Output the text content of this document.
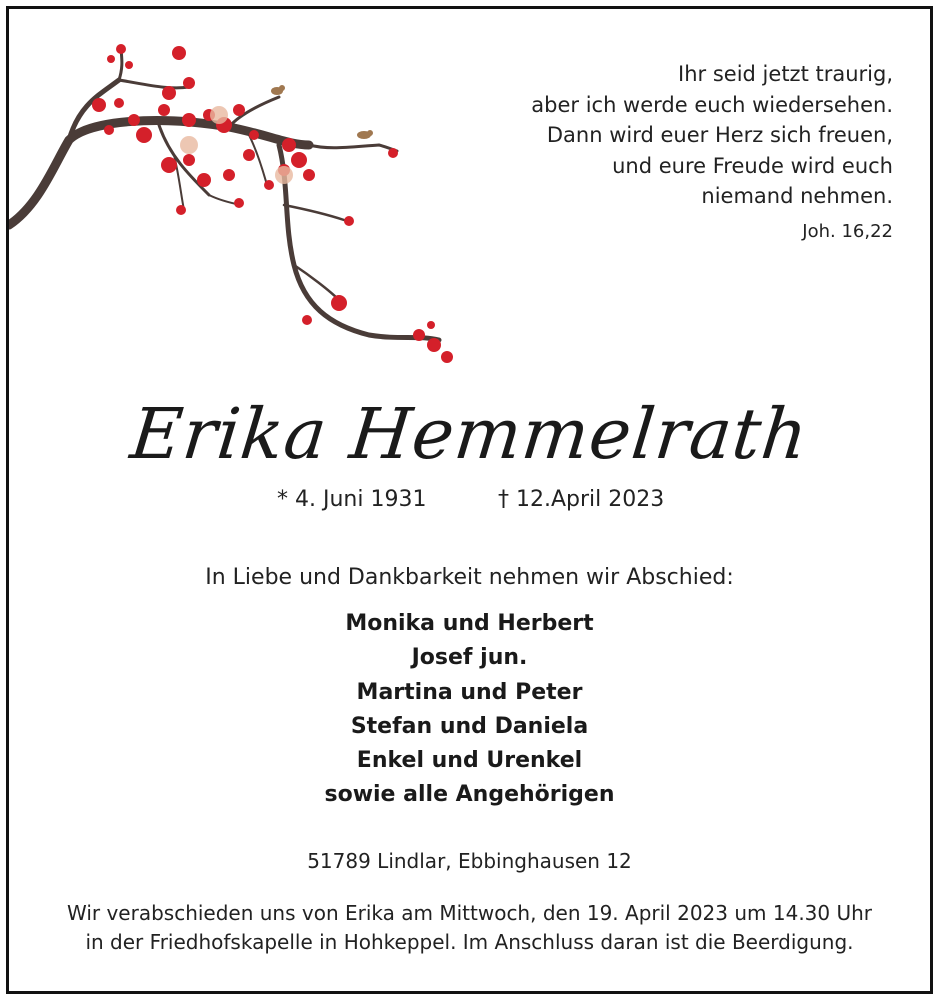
Ihr seid jetzt traurig,
aber ich werde euch wiedersehen.
Dann wird euer Herz sich freuen,
und eure Freude wird euch
niemand nehmen.
Joh. 16,22
Erika Hemmelrath
* 4. Juni 1931	† 12.April 2023
In Liebe und Dankbarkeit nehmen wir Abschied:
Monika und Herbert
Josef jun.
Martina und Peter
Stefan und Daniela
Enkel und Urenkel
sowie alle Angehörigen
51789 Lindlar, Ebbinghausen 12
Wir verabschieden uns von Erika am Mittwoch, den 19. April 2023 um 14.30 Uhr
in der Friedhofskapelle in Hohkeppel. Im Anschluss daran ist die Beerdigung.
